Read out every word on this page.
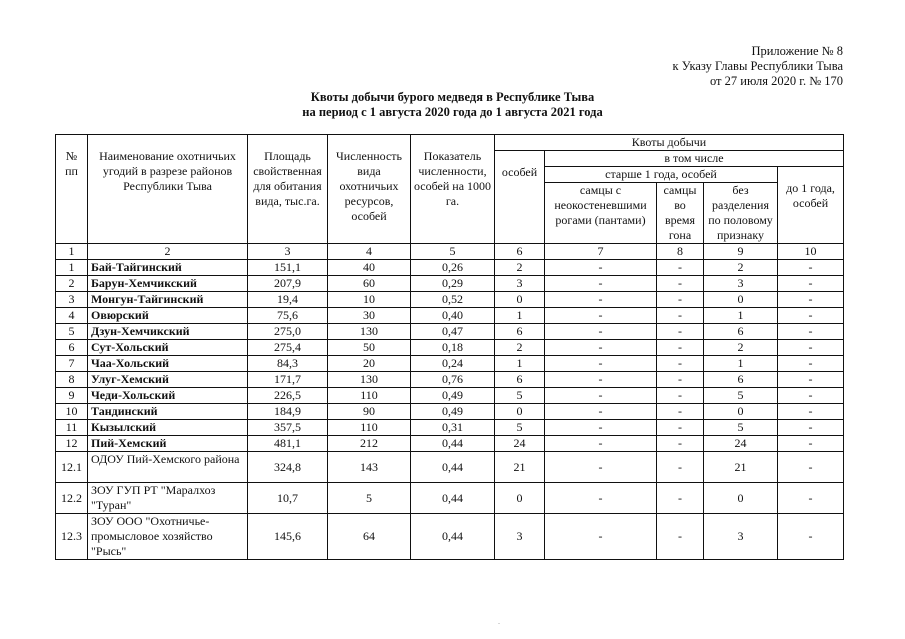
Приложение № 8
к Указу Главы Республики Тыва
от 27 июля 2020 г. № 170
Квоты добычи бурого медведя в Республике Тыва
на период с 1 августа 2020 года до 1 августа 2021 года
№ пп	Наименование охотничьих угодий в разрезе районов Республики Тыва	Площадь свойственная для обитания вида, тыс.га.	Численность вида охотничьих ресурсов, особей	Показатель численности, особей на 1000 га.	Квоты добычи				
					особей	в том числе			
						старше 1 года, особей			до 1 года, особей
						самцы с неокостеневшими рогами (пантами)	самцы во время гона	без разделения по половому признаку	
1	2	3	4	5	6	7	8	9	10
1	Бай-Тайгинский	151,1	40	0,26	2	-	-	2	-
2	Барун-Хемчикский	207,9	60	0,29	3	-	-	3	-
3	Монгун-Тайгинский	19,4	10	0,52	0	-	-	0	-
4	Овюрский	75,6	30	0,40	1	-	-	1	-
5	Дзун-Хемчикский	275,0	130	0,47	6	-	-	6	-
6	Сут-Хольский	275,4	50	0,18	2	-	-	2	-
7	Чаа-Хольский	84,3	20	0,24	1	-	-	1	-
8	Улуг-Хемский	171,7	130	0,76	6	-	-	6	-
9	Чеди-Хольский	226,5	110	0,49	5	-	-	5	-
10	Тандинский	184,9	90	0,49	0	-	-	0	-
11	Кызылский	357,5	110	0,31	5	-	-	5	-
12	Пий-Хемский	481,1	212	0,44	24	-	-	24	-
12.1	ОДОУ Пий-Хемского района	324,8	143	0,44	21	-	-	21	-
12.2	ЗОУ ГУП РТ "Маралхоз "Туран"	10,7	5	0,44	0	-	-	0	-
12.3	ЗОУ ООО "Охотничье-промысловое хозяйство "Рысь"	145,6	64	0,44	3	-	-	3	-
.
